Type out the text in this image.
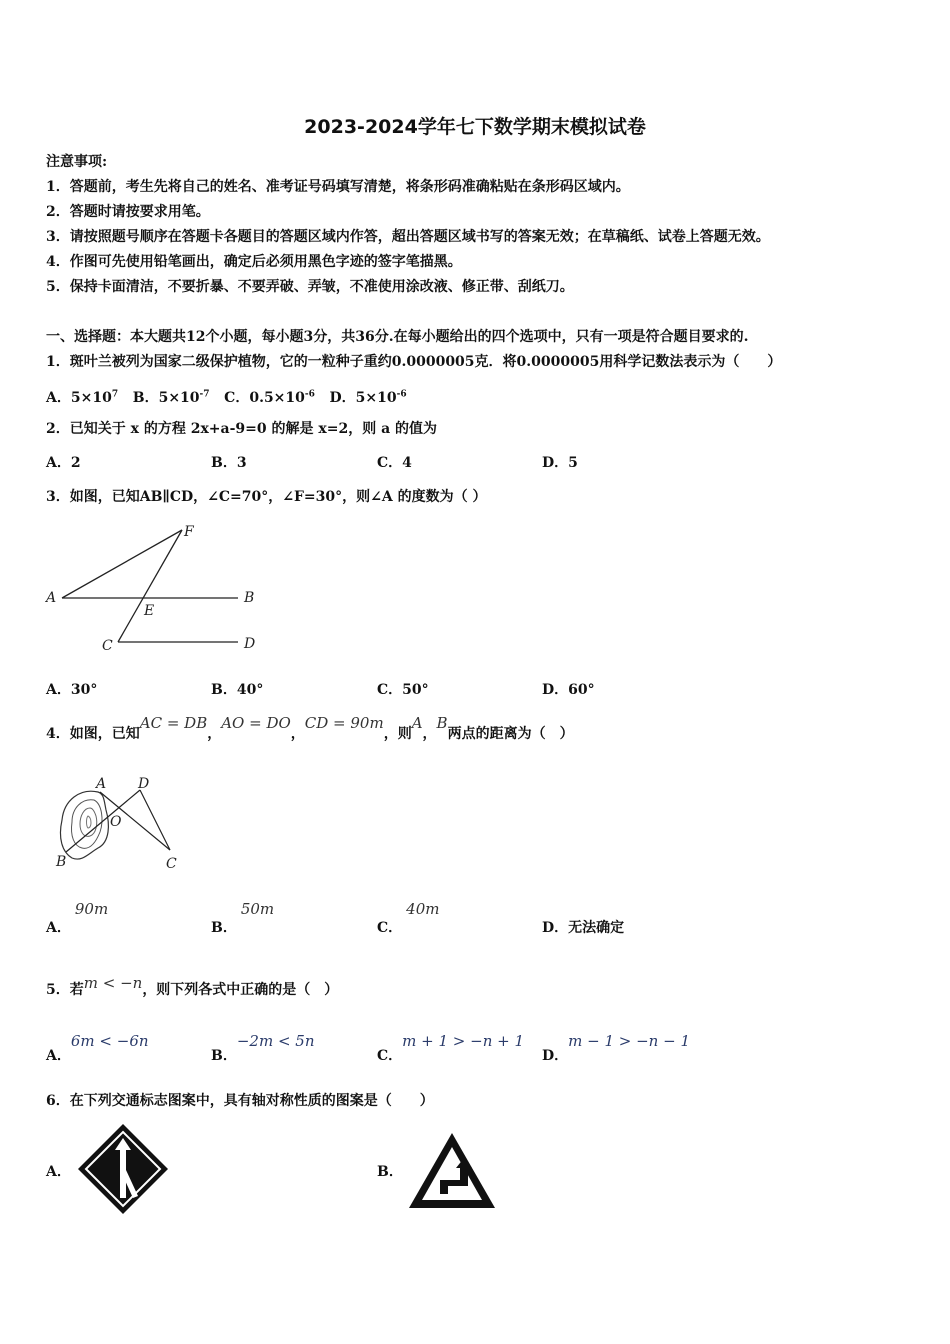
2023-2024学年七下数学期末模拟试卷
注意事项:
1．答题前，考生先将自己的姓名、准考证号码填写清楚，将条形码准确粘贴在条形码区域内。
2．答题时请按要求用笔。
3．请按照题号顺序在答题卡各题目的答题区域内作答，超出答题区域书写的答案无效；在草稿纸、试卷上答题无效。
4．作图可先使用铅笔画出，确定后必须用黑色字迹的签字笔描黑。
5．保持卡面清洁，不要折暴、不要弄破、弄皱，不准使用涂改液、修正带、刮纸刀。
一、选择题：本大题共12个小题，每小题3分，共36分.在每小题给出的四个选项中，只有一项是符合题目要求的.
1．斑叶兰被列为国家二级保护植物，它的一粒种子重约0.0000005克．将0.0000005用科学记数法表示为（　　）
A．$5\times 10^7$ B．$5\times 10^{-7}$ C．$0.5\times 10^{-6}$ D．$5\times 10^{-6}$
2．已知关于 x 的方程 2x+a-9=0 的解是 x=2，则 a 的值为
A．2	B．3	C．4	D．5
3．如图，已知AB∥CD，∠C=70°，∠F=30°，则∠A 的度数为（ ）
A	B
C	D
E
F
A．30°	B．40°	C．50°	D．60°
4．如图，已知AC = DB，AO = DO，CD = 90m，则A，B两点的距离为（　）
A D
O
B	C
A．90m
B．50m
C．40m
D．无法确定
5．若m < −n，则下列各式中正确的是（　）
A．6m < −6n
B．−2m < 5n
C．m + 1 > −n + 1
D．m − 1 > −n − 1
6．在下列交通标志图案中，具有轴对称性质的图案是（　　）
A．	B．
